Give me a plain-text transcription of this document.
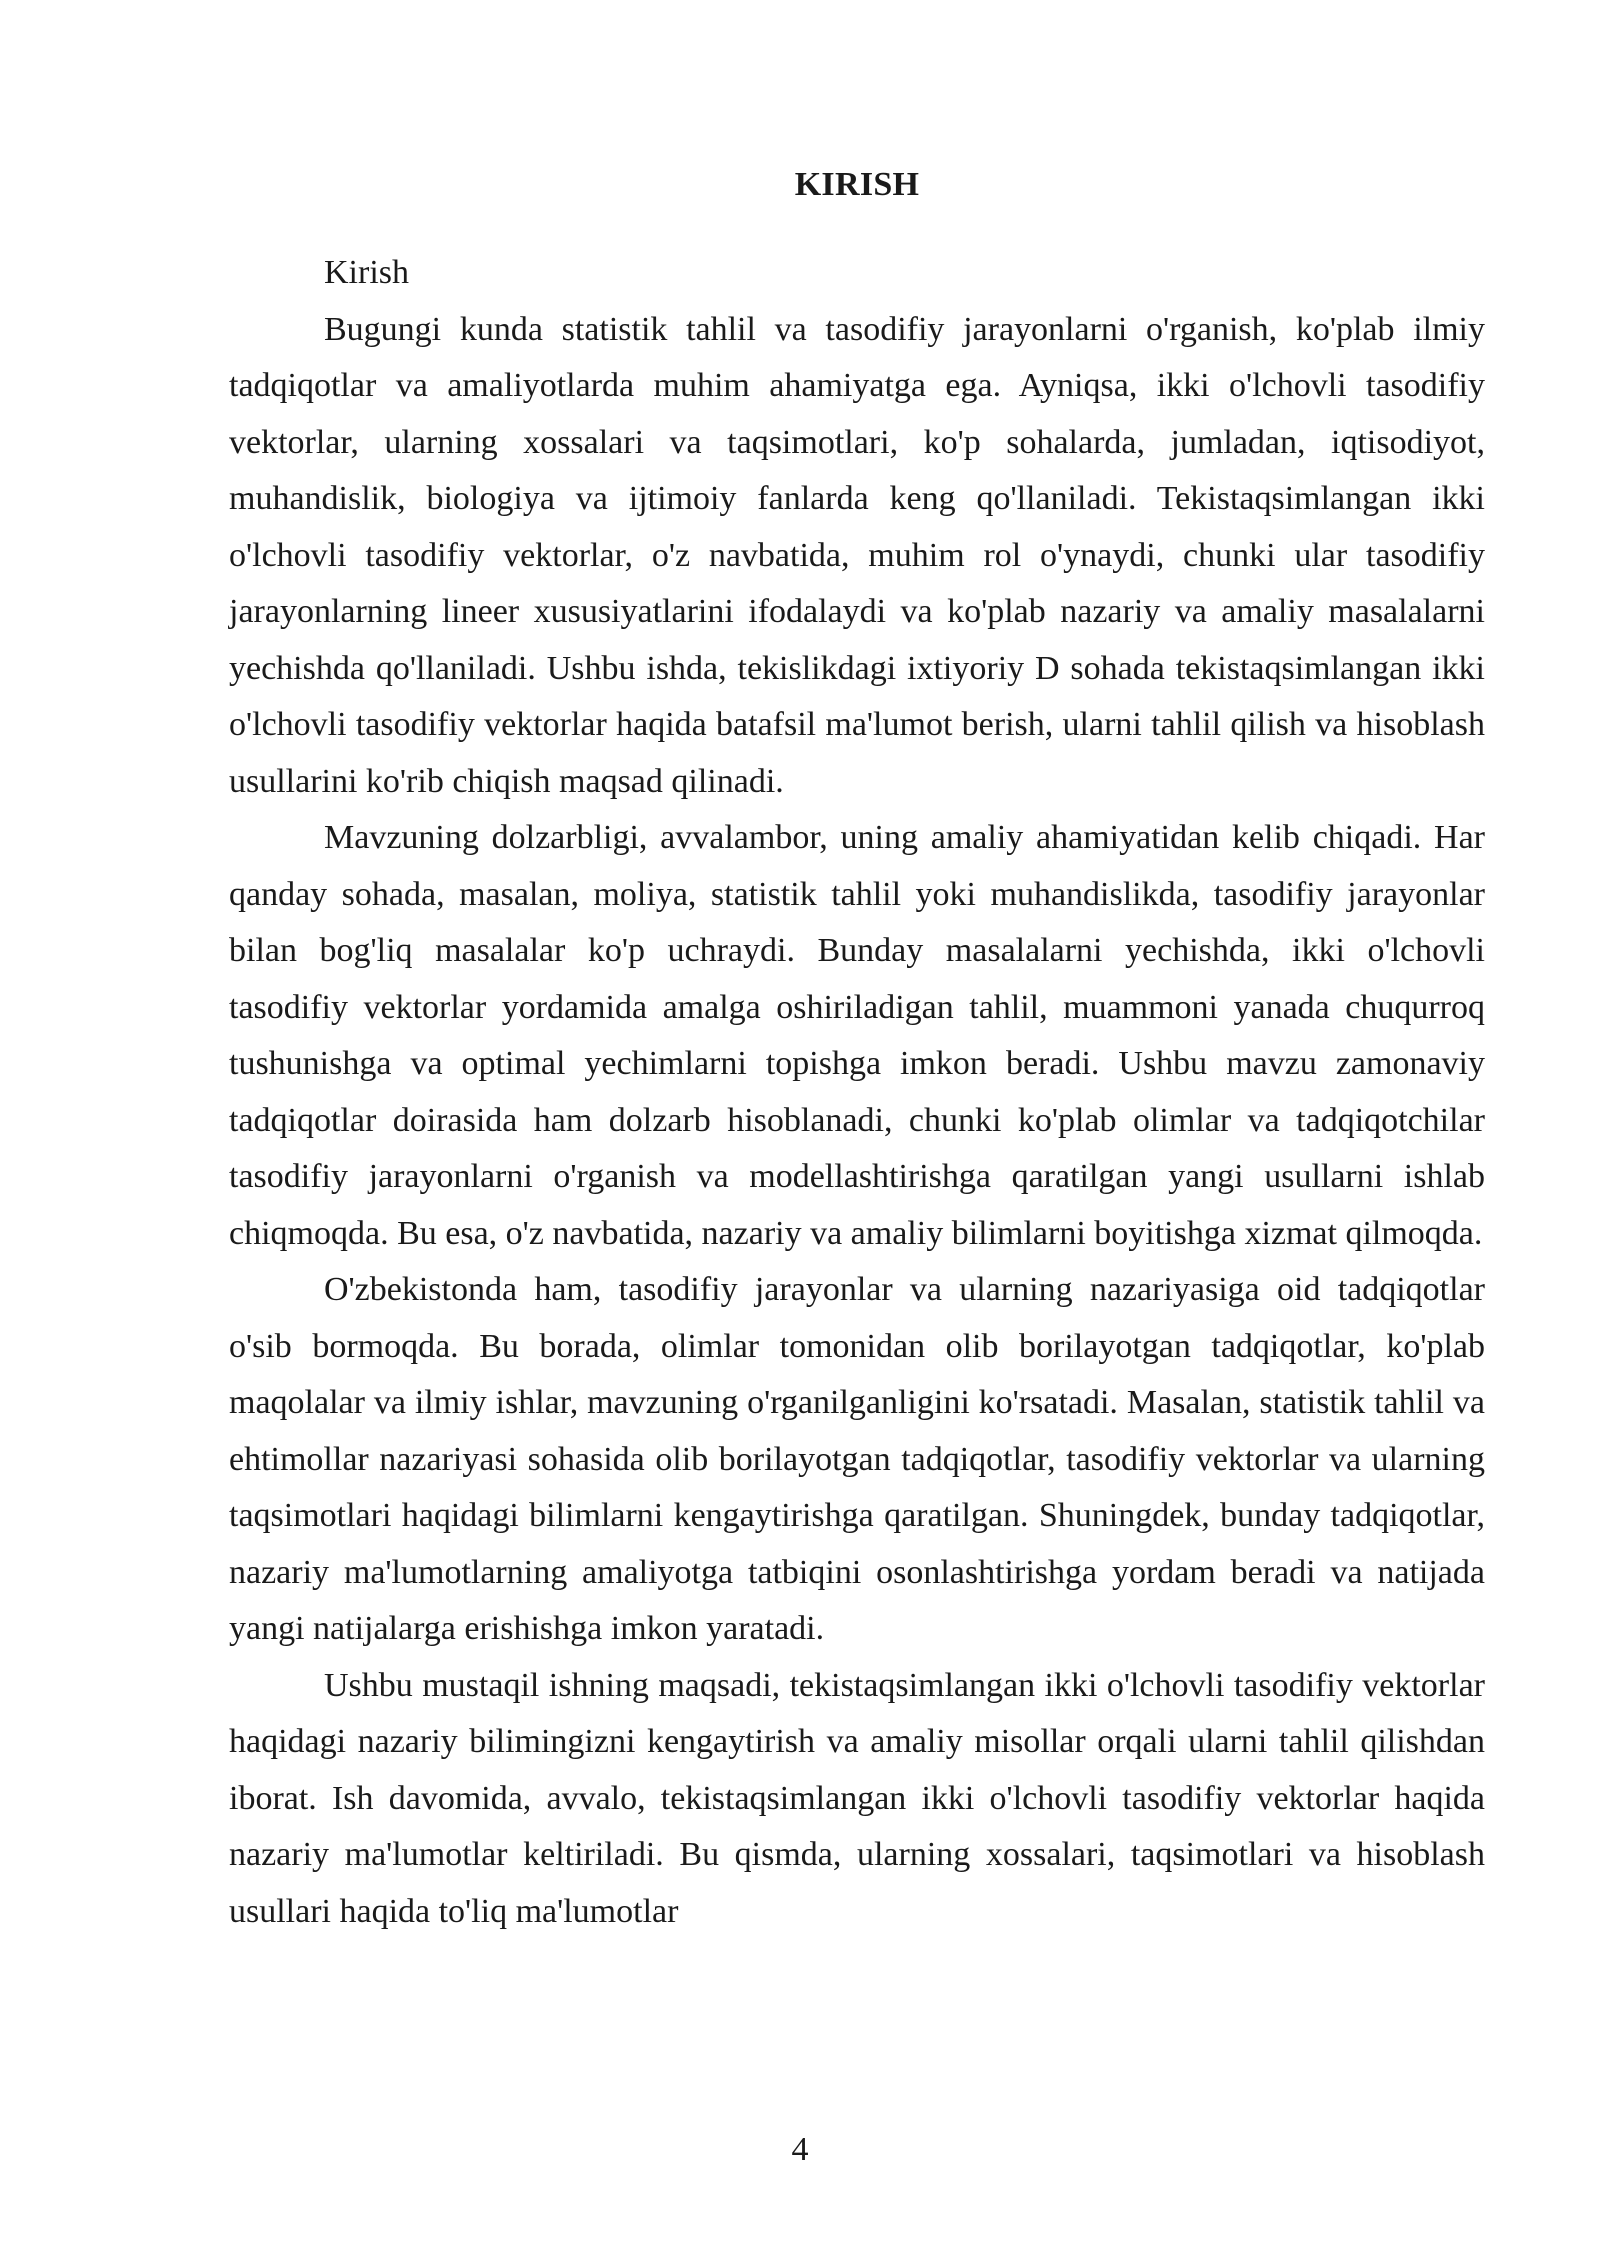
KIRISH

Kirish

Bugungi kunda statistik tahlil va tasodifiy jarayonlarni o'rganish, ko'plab ilmiy tadqiqotlar va amaliyotlarda muhim ahamiyatga ega. Ayniqsa, ikki o'lchovli tasodifiy vektorlar, ularning xossalari va taqsimotlari, ko'p sohalarda, jumladan, iqtisodiyot, muhandislik, biologiya va ijtimoiy fanlarda keng qo'llaniladi. Tekistaqsimlangan ikki o'lchovli tasodifiy vektorlar, o'z navbatida, muhim rol o'ynaydi, chunki ular tasodifiy jarayonlarning lineer xususiyatlarini ifodalaydi va ko'plab nazariy va amaliy masalalarni yechishda qo'llaniladi. Ushbu ishda, tekislikdagi ixtiyoriy D sohada tekistaqsimlangan ikki o'lchovli tasodifiy vektorlar haqida batafsil ma'lumot berish, ularni tahlil qilish va hisoblash usullarini ko'rib chiqish maqsad qilinadi.

Mavzuning dolzarbligi, avvalambor, uning amaliy ahamiyatidan kelib chiqadi. Har qanday sohada, masalan, moliya, statistik tahlil yoki muhandislikda, tasodifiy jarayonlar bilan bog'liq masalalar ko'p uchraydi. Bunday masalalarni yechishda, ikki o'lchovli tasodifiy vektorlar yordamida amalga oshiriladigan tahlil, muammoni yanada chuqurroq tushunishga va optimal yechimlarni topishga imkon beradi. Ushbu mavzu zamonaviy tadqiqotlar doirasida ham dolzarb hisoblanadi, chunki ko'plab olimlar va tadqiqotchilar tasodifiy jarayonlarni o'rganish va modellashtirishga qaratilgan yangi usullarni ishlab chiqmoqda. Bu esa, o'z navbatida, nazariy va amaliy bilimlarni boyitishga xizmat qilmoqda.

O'zbekistonda ham, tasodifiy jarayonlar va ularning nazariyasiga oid tadqiqotlar o'sib bormoqda. Bu borada, olimlar tomonidan olib borilayotgan tadqiqotlar, ko'plab maqolalar va ilmiy ishlar, mavzuning o'rganilganligini ko'rsatadi. Masalan, statistik tahlil va ehtimollar nazariyasi sohasida olib borilayotgan tadqiqotlar, tasodifiy vektorlar va ularning taqsimotlari haqidagi bilimlarni kengaytirishga qaratilgan. Shuningdek, bunday tadqiqotlar, nazariy ma'lumotlarning amaliyotga tatbiqini osonlashtirishga yordam beradi va natijada yangi natijalarga erishishga imkon yaratadi.

Ushbu mustaqil ishning maqsadi, tekistaqsimlangan ikki o'lchovli tasodifiy vektorlar haqidagi nazariy bilimingizni kengaytirish va amaliy misollar orqali ularni tahlil qilishdan iborat. Ish davomida, avvalo, tekistaqsimlangan ikki o'lchovli tasodifiy vektorlar haqida nazariy ma'lumotlar keltiriladi. Bu qismda, ularning xossalari, taqsimotlari va hisoblash usullari haqida to'liq ma'lumotlar

4
